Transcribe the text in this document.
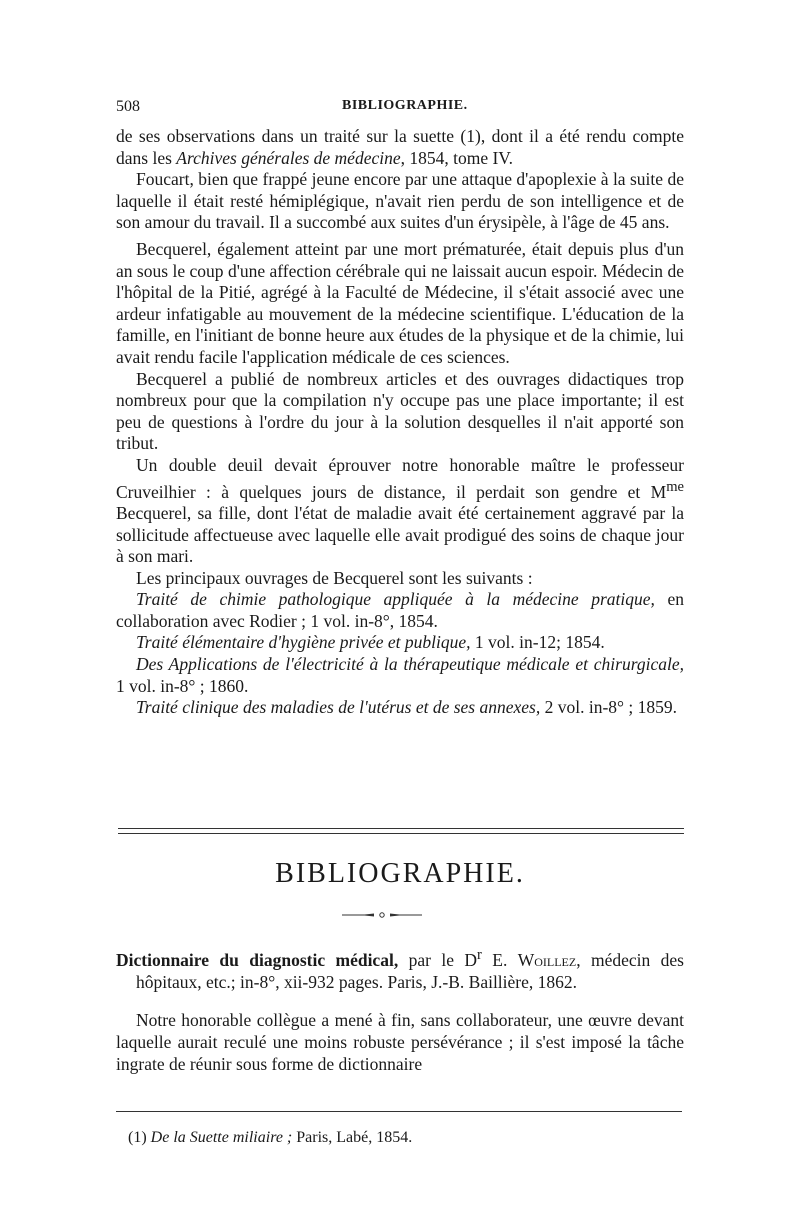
508	BIBLIOGRAPHIE.

de ses observations dans un traité sur la suette (1), dont il a été rendu compte dans les Archives générales de médecine, 1854, tome IV.

Foucart, bien que frappé jeune encore par une attaque d'apoplexie à la suite de laquelle il était resté hémiplégique, n'avait rien perdu de son intelligence et de son amour du travail. Il a succombé aux suites d'un érysipèle, à l'âge de 45 ans.

Becquerel, également atteint par une mort prématurée, était depuis plus d'un an sous le coup d'une affection cérébrale qui ne laissait aucun espoir. Médecin de l'hôpital de la Pitié, agrégé à la Faculté de Médecine, il s'était associé avec une ardeur infatigable au mouvement de la médecine scientifique. L'éducation de la famille, en l'initiant de bonne heure aux études de la physique et de la chimie, lui avait rendu facile l'application médicale de ces sciences.

Becquerel a publié de nombreux articles et des ouvrages didactiques trop nombreux pour que la compilation n'y occupe pas une place importante; il est peu de questions à l'ordre du jour à la solution desquelles il n'ait apporté son tribut.

Un double deuil devait éprouver notre honorable maître le professeur Cruveilhier : à quelques jours de distance, il perdait son gendre et $M^{me}$ Becquerel, sa fille, dont l'état de maladie avait été certainement aggravé par la sollicitude affectueuse avec laquelle elle avait prodigué des soins de chaque jour à son mari.

Les principaux ouvrages de Becquerel sont les suivants :

Traité de chimie pathologique appliquée à la médecine pratique, en collaboration avec Rodier ; 1 vol. in-8°, 1854.

Traité élémentaire d'hygiène privée et publique, 1 vol. in-12; 1854.

Des Applications de l'électricité à la thérapeutique médicale et chirurgicale, 1 vol. in-8° ; 1860.

Traité clinique des maladies de l'utérus et de ses annexes, 2 vol. in-8° ; 1859.

BIBLIOGRAPHIE.

Dictionnaire du diagnostic médical, par le $D^r$ E. Woillez, médecin des hôpitaux, etc.; in-8°, xii-932 pages. Paris, J.-B. Baillière, 1862.

Notre honorable collègue a mené à fin, sans collaborateur, une œuvre devant laquelle aurait reculé une moins robuste persévérance ; il s'est imposé la tâche ingrate de réunir sous forme de dictionnaire

(1) De la Suette miliaire ; Paris, Labé, 1854.
